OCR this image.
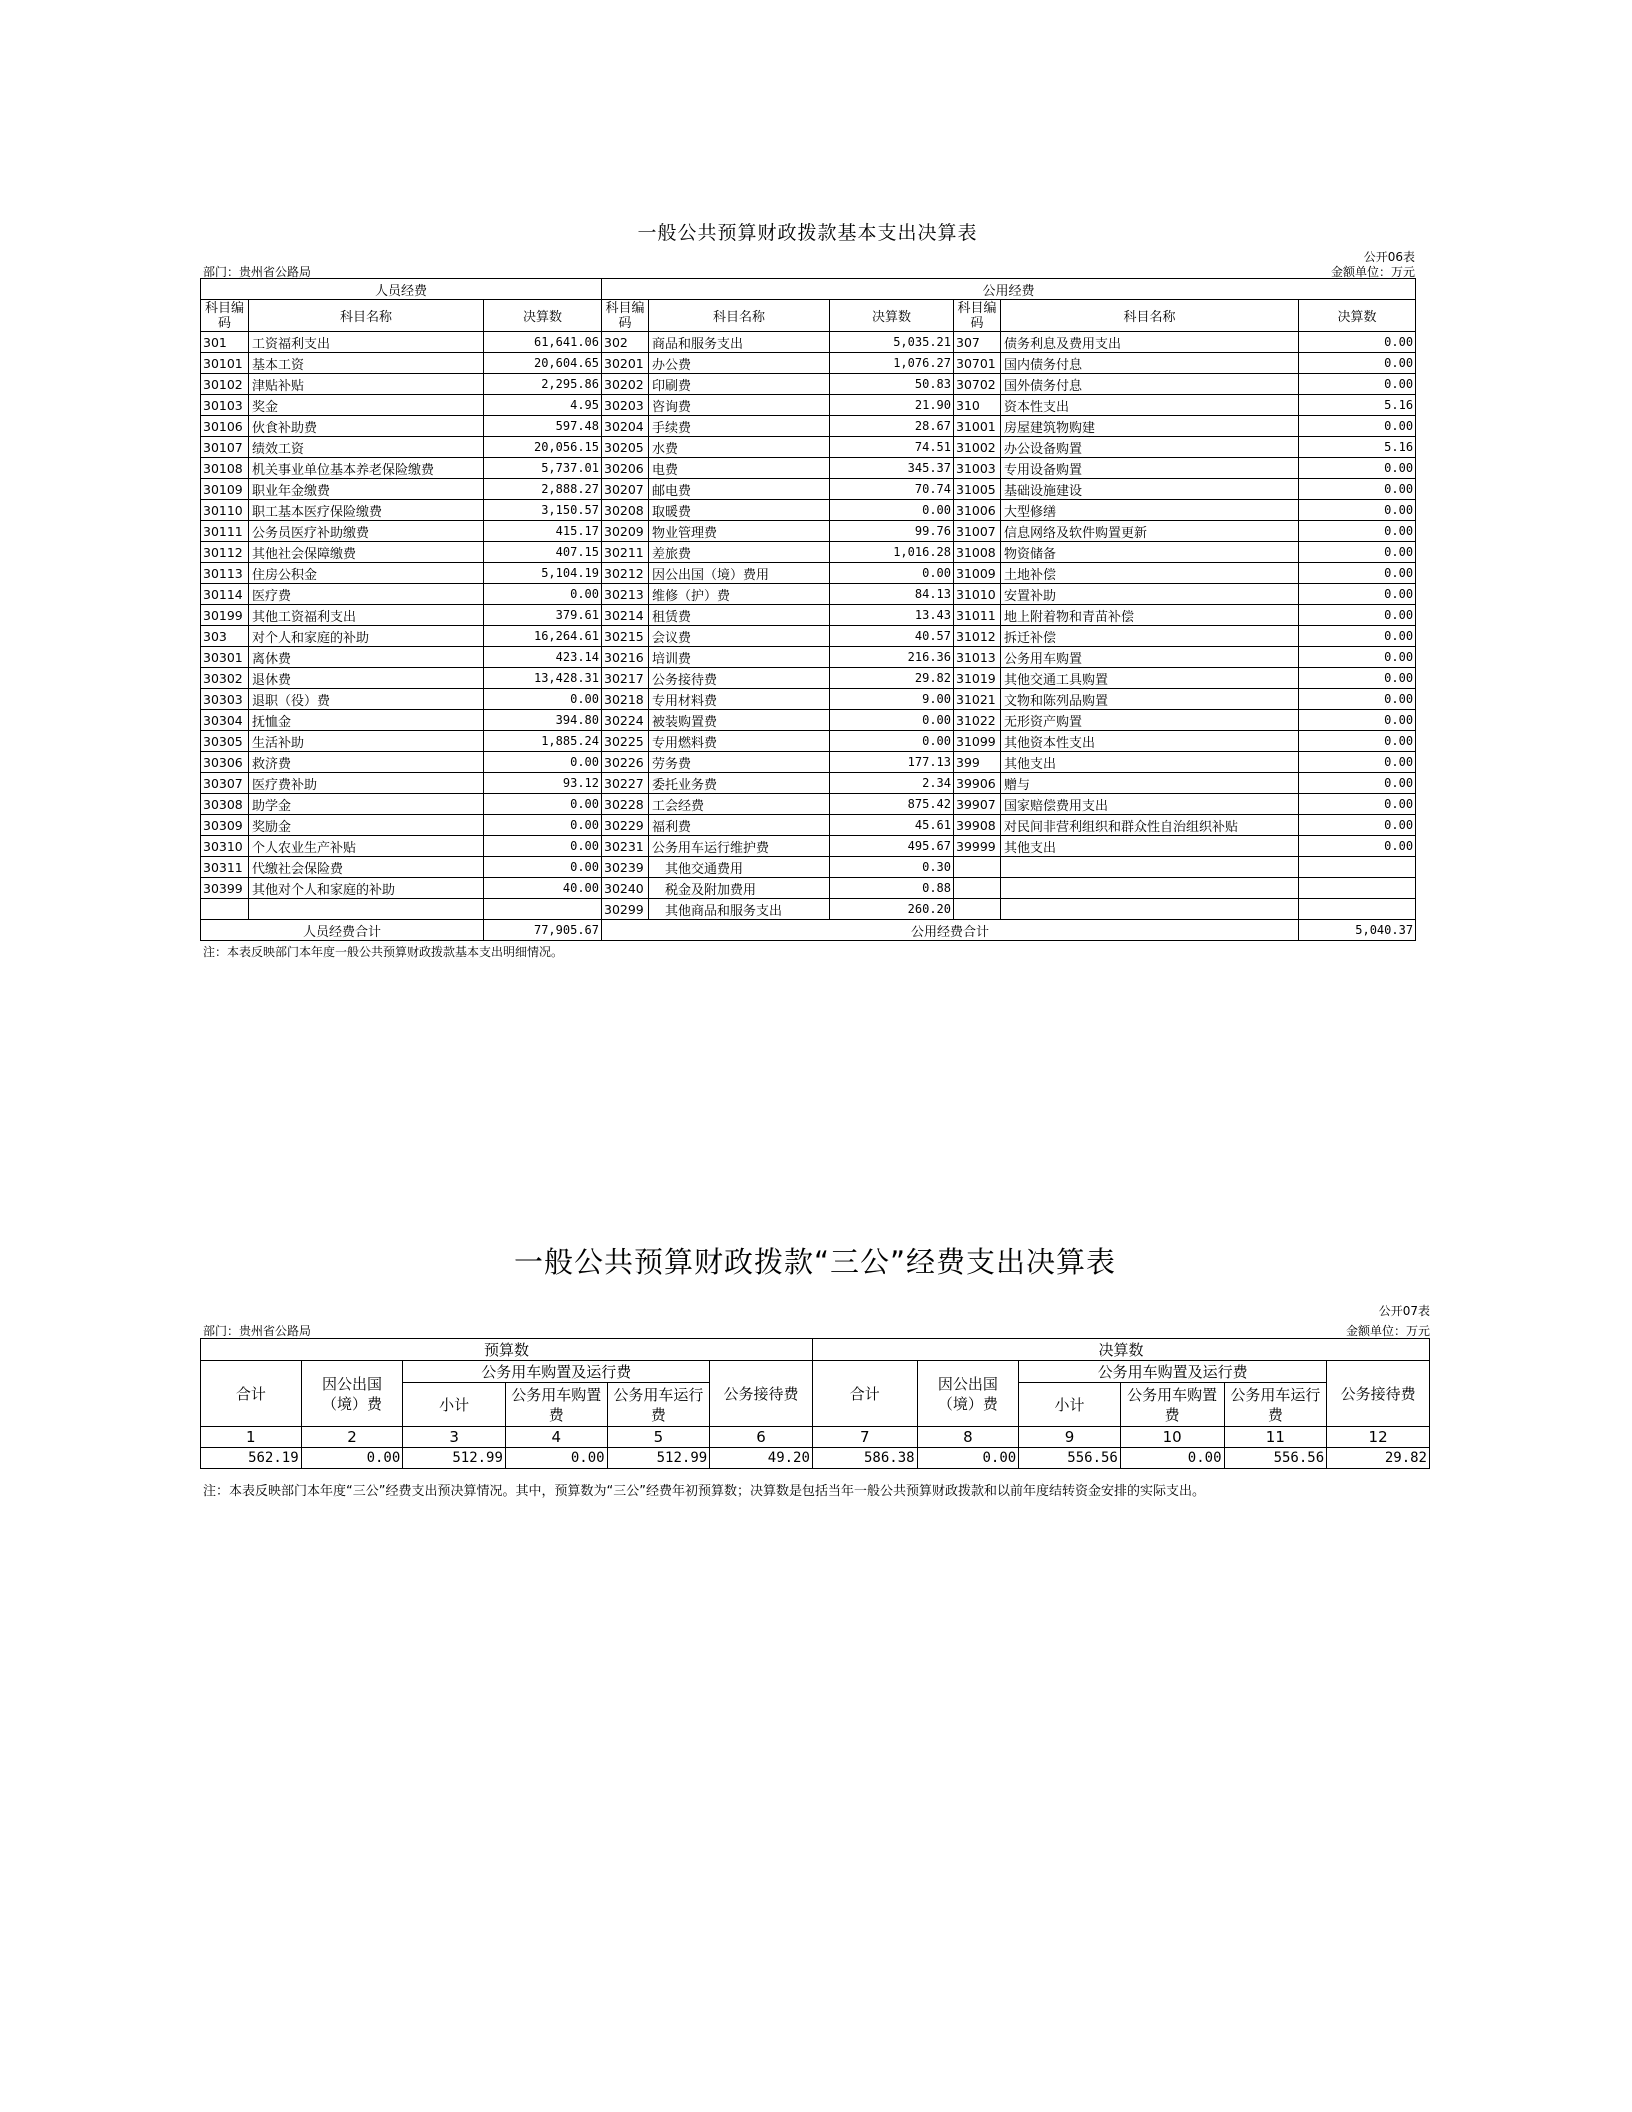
一般公共预算财政拨款基本支出决算表
公开06表
部门：贵州省公路局	金额单位：万元
人员经费			公用经费					
科目编码	科目名称	决算数	科目编码	科目名称	决算数	科目编码	科目名称	决算数
301	工资福利支出	61,641.06	302	商品和服务支出	5,035.21	307	债务利息及费用支出	0.00
30101	基本工资	20,604.65	30201	办公费	1,076.27	30701	国内债务付息	0.00
30102	津贴补贴	2,295.86	30202	印刷费	50.83	30702	国外债务付息	0.00
30103	奖金	4.95	30203	咨询费	21.90	310	资本性支出	5.16
30106	伙食补助费	597.48	30204	手续费	28.67	31001	房屋建筑物购建	0.00
30107	绩效工资	20,056.15	30205	水费	74.51	31002	办公设备购置	5.16
30108	机关事业单位基本养老保险缴费	5,737.01	30206	电费	345.37	31003	专用设备购置	0.00
30109	职业年金缴费	2,888.27	30207	邮电费	70.74	31005	基础设施建设	0.00
30110	职工基本医疗保险缴费	3,150.57	30208	取暖费	0.00	31006	大型修缮	0.00
30111	公务员医疗补助缴费	415.17	30209	物业管理费	99.76	31007	信息网络及软件购置更新	0.00
30112	其他社会保障缴费	407.15	30211	差旅费	1,016.28	31008	物资储备	0.00
30113	住房公积金	5,104.19	30212	因公出国（境）费用	0.00	31009	土地补偿	0.00
30114	医疗费	0.00	30213	维修（护）费	84.13	31010	安置补助	0.00
30199	其他工资福利支出	379.61	30214	租赁费	13.43	31011	地上附着物和青苗补偿	0.00
303	对个人和家庭的补助	16,264.61	30215	会议费	40.57	31012	拆迁补偿	0.00
30301	离休费	423.14	30216	培训费	216.36	31013	公务用车购置	0.00
30302	退休费	13,428.31	30217	公务接待费	29.82	31019	其他交通工具购置	0.00
30303	退职（役）费	0.00	30218	专用材料费	9.00	31021	文物和陈列品购置	0.00
30304	抚恤金	394.80	30224	被装购置费	0.00	31022	无形资产购置	0.00
30305	生活补助	1,885.24	30225	专用燃料费	0.00	31099	其他资本性支出	0.00
30306	救济费	0.00	30226	劳务费	177.13	399	其他支出	0.00
30307	医疗费补助	93.12	30227	委托业务费	2.34	39906	赠与	0.00
30308	助学金	0.00	30228	工会经费	875.42	39907	国家赔偿费用支出	0.00
30309	奖励金	0.00	30229	福利费	45.61	39908	对民间非营利组织和群众性自治组织补贴	0.00
30310	个人农业生产补贴	0.00	30231	公务用车运行维护费	495.67	39999	其他支出	0.00
30311	代缴社会保险费	0.00	30239	其他交通费用	0.30			
30399	其他对个人和家庭的补助	40.00	30240	税金及附加费用	0.88			
			30299	其他商品和服务支出	260.20			
人员经费合计		77,905.67	公用经费合计					5,040.37
注：本表反映部门本年度一般公共预算财政拨款基本支出明细情况。
一般公共预算财政拨款“三公”经费支出决算表
公开07表
部门：贵州省公路局	金额单位：万元
预算数						决算数					
合计	因公出国（境）费	公务用车购置及运行费			公务接待费	合计	因公出国（境）费	公务用车购置及运行费			公务接待费
		小计	公务用车购置费	公务用车运行费				小计	公务用车购置费	公务用车运行费	
1	2	3	4	5	6	7	8	9	10	11	12
562.19	0.00	512.99	0.00	512.99	49.20	586.38	0.00	556.56	0.00	556.56	29.82
注：本表反映部门本年度“三公”经费支出预决算情况。其中，预算数为“三公”经费年初预算数；决算数是包括当年一般公共预算财政拨款和以前年度结转资金安排的实际支出。
